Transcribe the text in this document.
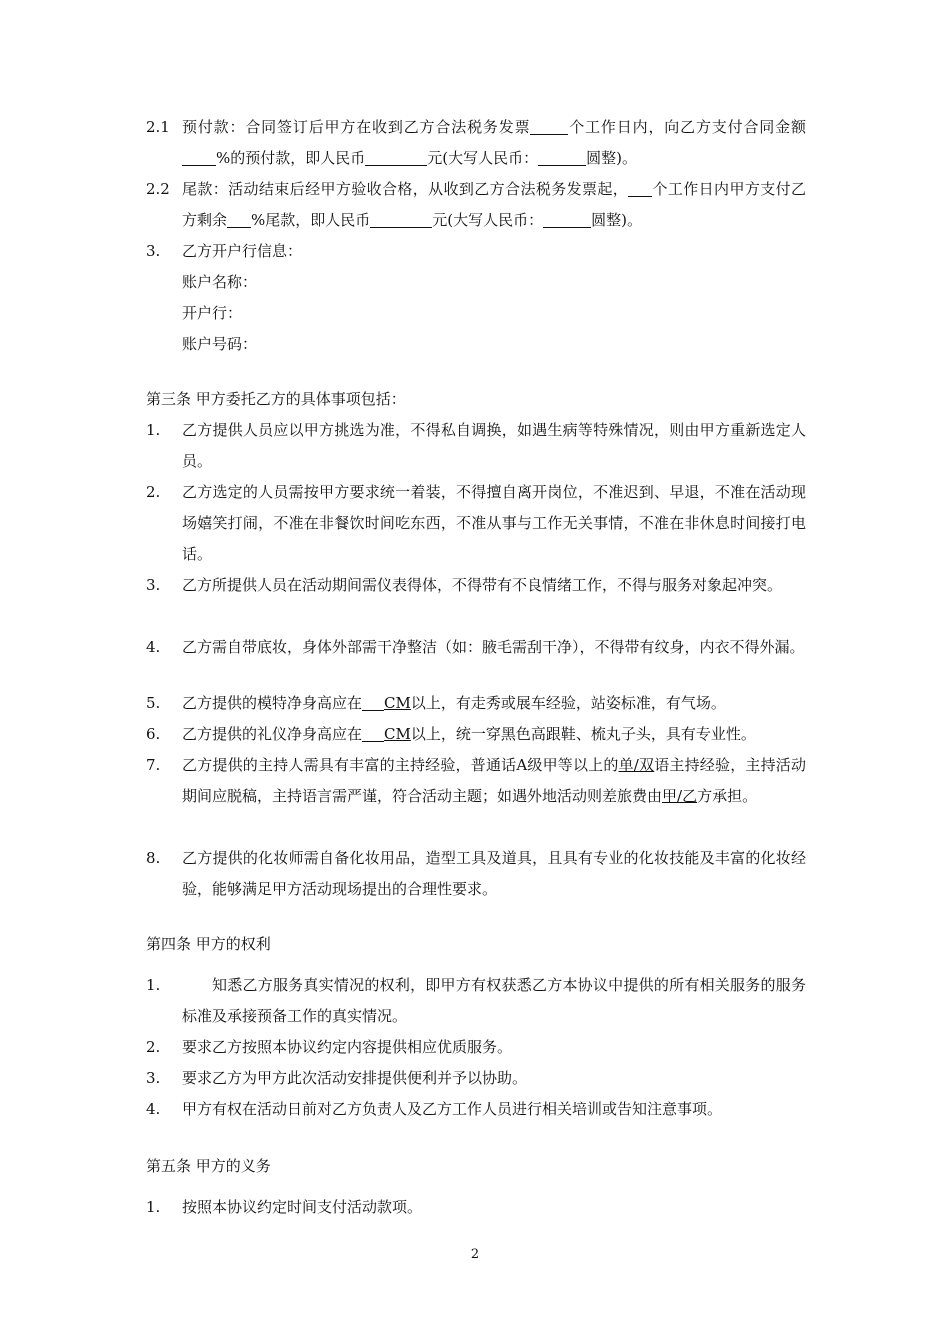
2.1 预付款：合同签订后甲方在收到乙方合法税务发票	个工作日内，向乙方支付合同金额%的预付款，即人民币	元(大写人民币：	圆整)。

2.2 尾款：活动结束后经甲方验收合格，从收到乙方合法税务发票起， 个工作日内甲方支付乙方剩余 %尾款，即人民币	元(大写人民币：	圆整)。

3.	乙方开户行信息：

账户名称：

开户行：

账户号码：

第三条 甲方委托乙方的具体事项包括：

1.	乙方提供人员应以甲方挑选为准，不得私自调换，如遇生病等特殊情况，则由甲方重新选定人员。

2.	乙方选定的人员需按甲方要求统一着装，不得擅自离开岗位，不准迟到、早退，不准在活动现场嬉笑打闹，不准在非餐饮时间吃东西，不准从事与工作无关事情，不准在非休息时间接打电话。

3.	乙方所提供人员在活动期间需仪表得体，不得带有不良情绪工作，不得与服务对象起冲突。

4.	乙方需自带底妆，身体外部需干净整洁（如：腋毛需刮干净），不得带有纹身，内衣不得外漏。

5.	乙方提供的模特净身高应在 CM以上，有走秀或展车经验，站姿标准，有气场。

6.	乙方提供的礼仪净身高应在 CM以上，统一穿黑色高跟鞋、梳丸子头，具有专业性。

7.	乙方提供的主持人需具有丰富的主持经验，普通话A级甲等以上的单/双语主持经验，主持活动期间应脱稿，主持语言需严谨，符合活动主题；如遇外地活动则差旅费由甲/乙方承担。

8.	乙方提供的化妆师需自备化妆用品，造型工具及道具，且具有专业的化妆技能及丰富的化妆经验，能够满足甲方活动现场提出的合理性要求。

第四条 甲方的权利

1.	知悉乙方服务真实情况的权利，即甲方有权获悉乙方本协议中提供的所有相关服务的服务标准及承接预备工作的真实情况。

2.	要求乙方按照本协议约定内容提供相应优质服务。

3.	要求乙方为甲方此次活动安排提供便利并予以协助。

4.	甲方有权在活动日前对乙方负责人及乙方工作人员进行相关培训或告知注意事项。

第五条 甲方的义务

1.	按照本协议约定时间支付活动款项。

2
